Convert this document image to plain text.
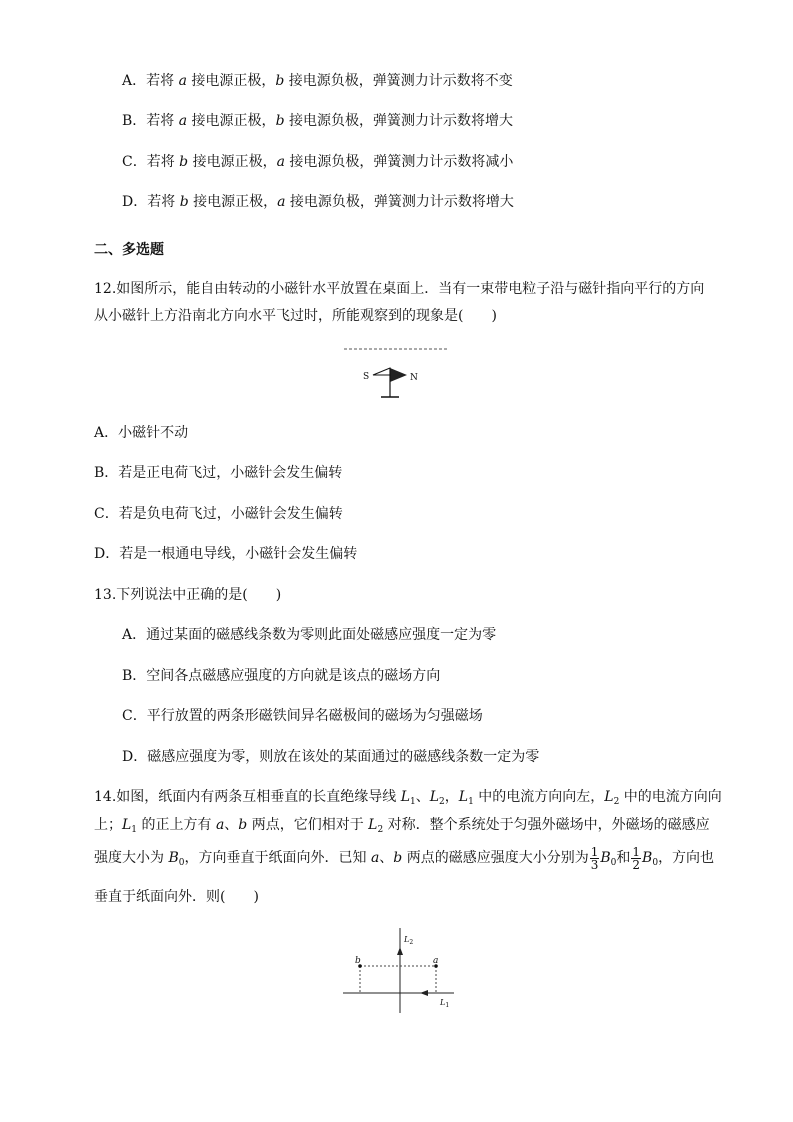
A．若将 a 接电源正极，b 接电源负极，弹簧测力计示数将不变
B．若将 a 接电源正极，b 接电源负极，弹簧测力计示数将增大
C．若将 b 接电源正极，a 接电源负极，弹簧测力计示数将减小
D．若将 b 接电源正极，a 接电源负极，弹簧测力计示数将增大
二、多选题
12.如图所示，能自由转动的小磁针水平放置在桌面上．当有一束带电粒子沿与磁针指向平行的方向
从小磁针上方沿南北方向水平飞过时，所能观察到的现象是(　　)
S	N
A．小磁针不动
B．若是正电荷飞过，小磁针会发生偏转
C．若是负电荷飞过，小磁针会发生偏转
D．若是一根通电导线，小磁针会发生偏转
13.下列说法中正确的是(　　)
A．通过某面的磁感线条数为零则此面处磁感应强度一定为零
B．空间各点磁感应强度的方向就是该点的磁场方向
C．平行放置的两条形磁铁间异名磁极间的磁场为匀强磁场
D．磁感应强度为零，则放在该处的某面通过的磁感线条数一定为零
14.如图，纸面内有两条互相垂直的长直绝缘导线 $L_1$、$L_2$，$L_1$ 中的电流方向向左，$L_2$ 中的电流方向向
上；$L_1$ 的正上方有 a、b 两点，它们相对于 $L_2$ 对称．整个系统处于匀强外磁场中，外磁场的磁感应
强度大小为 $B_0$，方向垂直于纸面向外．已知 a、b 两点的磁感应强度大小分别为 $\frac{1}{3} B_0$和 $\frac{1}{2} B_0$，方向也
垂直于纸面向外．则(　　)
b	a
$L_2$
$L_1$
